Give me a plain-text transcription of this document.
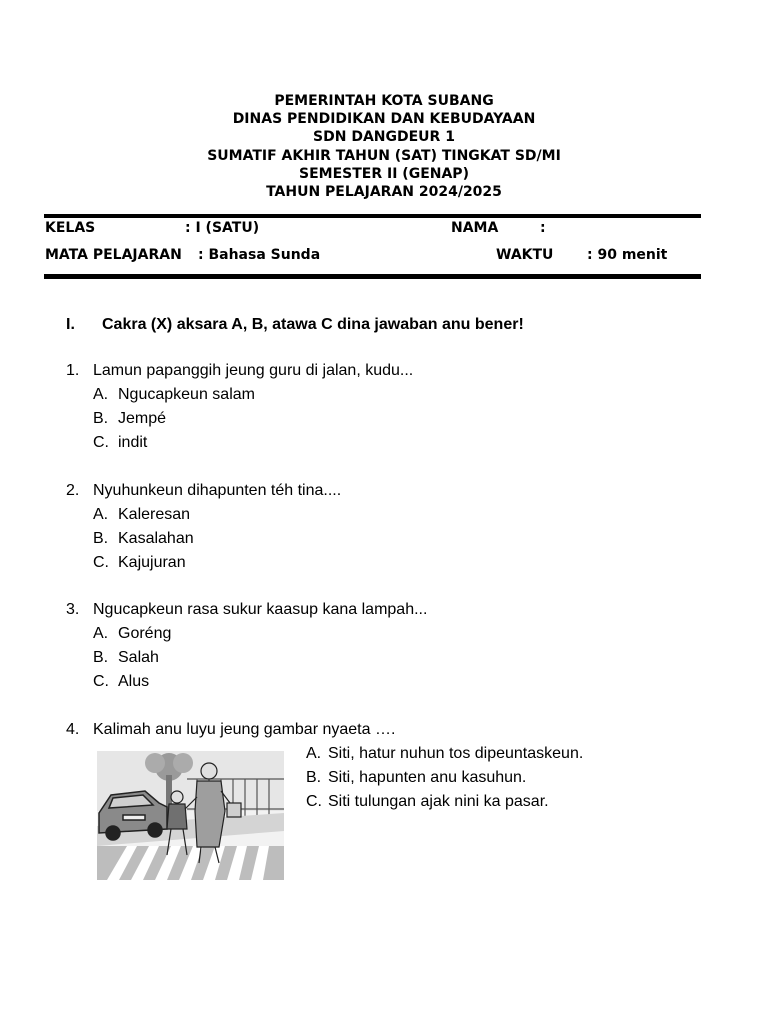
PEMERINTAH KOTA SUBANG
DINAS PENDIDIKAN DAN KEBUDAYAAN
SDN DANGDEUR 1
SUMATIF AKHIR TAHUN (SAT) TINGKAT SD/MI
SEMESTER II (GENAP)
TAHUN PELAJARAN 2024/2025
KELAS	: I (SATU)	NAMA	:
MATA PELAJARAN : Bahasa Sunda	WAKTU : 90 menit
I. Cakra (X) aksara A, B, atawa C dina jawaban anu bener!
1. Lamun papanggih jeung guru di jalan, kudu...
A. Ngucapkeun salam
B. Jempé
C. indit
2. Nyuhunkeun dihapunten téh tina....
A. Kaleresan
B. Kasalahan
C. Kajujuran
3. Ngucapkeun rasa sukur kaasup kana lampah...
A. Goréng
B. Salah
C. Alus
4. Kalimah anu luyu jeung gambar nyaeta ….
A. Siti, hatur nuhun tos dipeuntaskeun.
B. Siti, hapunten anu kasuhun.
C. Siti tulungan ajak nini ka pasar.
